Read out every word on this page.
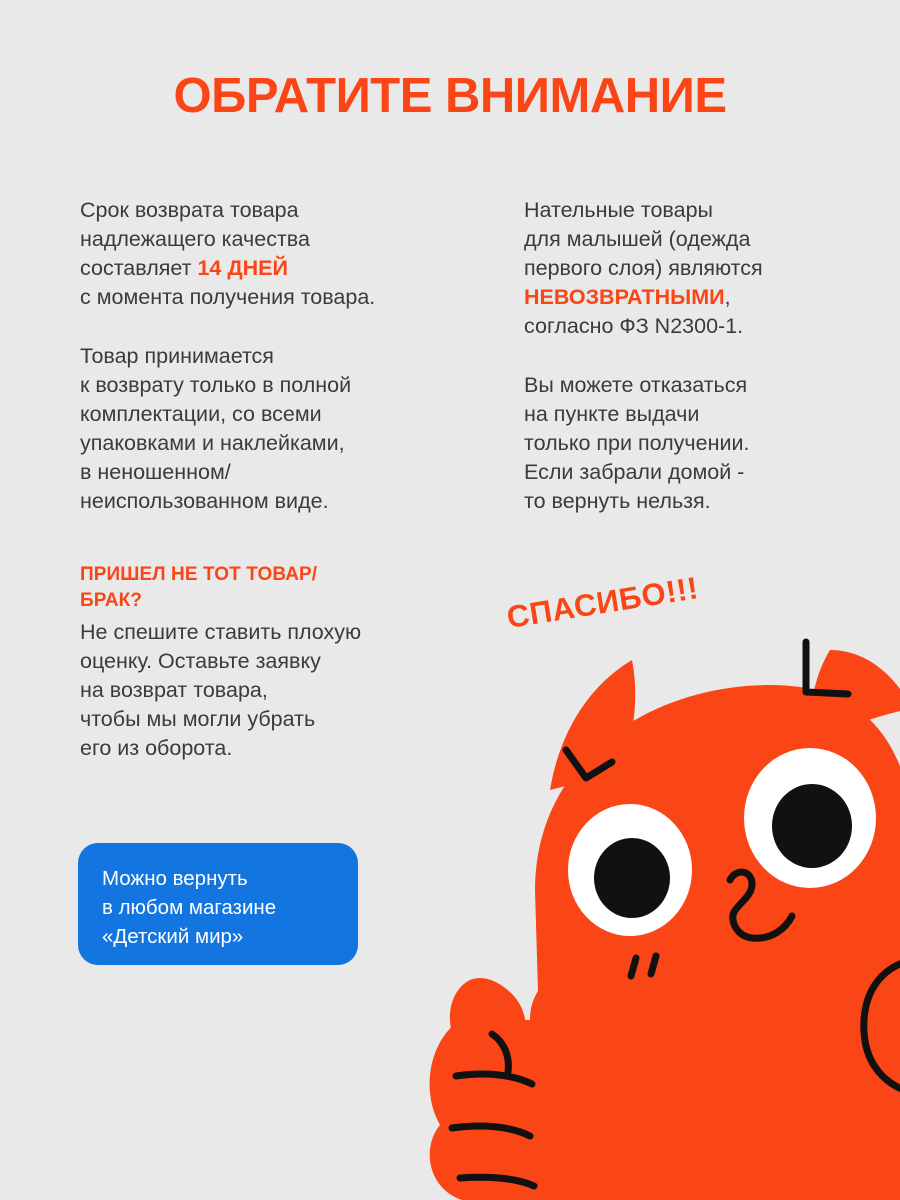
ОБРАТИТЕ ВНИМАНИЕ

Срок возврата товара
надлежащего качества
составляет 14 ДНЕЙ
с момента получения товара.

Товар принимается
к возврату только в полной
комплектации, со всеми
упаковками и наклейками,
в неношенном/
неиспользованном виде.

Нательные товары
для малышей (одежда
первого слоя) являются
НЕВОЗВРАТНЫМИ,
согласно ФЗ N2300-1.

Вы можете отказаться
на пункте выдачи
только при получении.
Если забрали домой -
то вернуть нельзя.

ПРИШЕЛ НЕ ТОТ ТОВАР/
БРАК?

Не спешите ставить плохую
оценку. Оставьте заявку
на возврат товара,
чтобы мы могли убрать
его из оборота.

Можно вернуть
в любом магазине
«Детский мир»
СПАСИБО!!!
